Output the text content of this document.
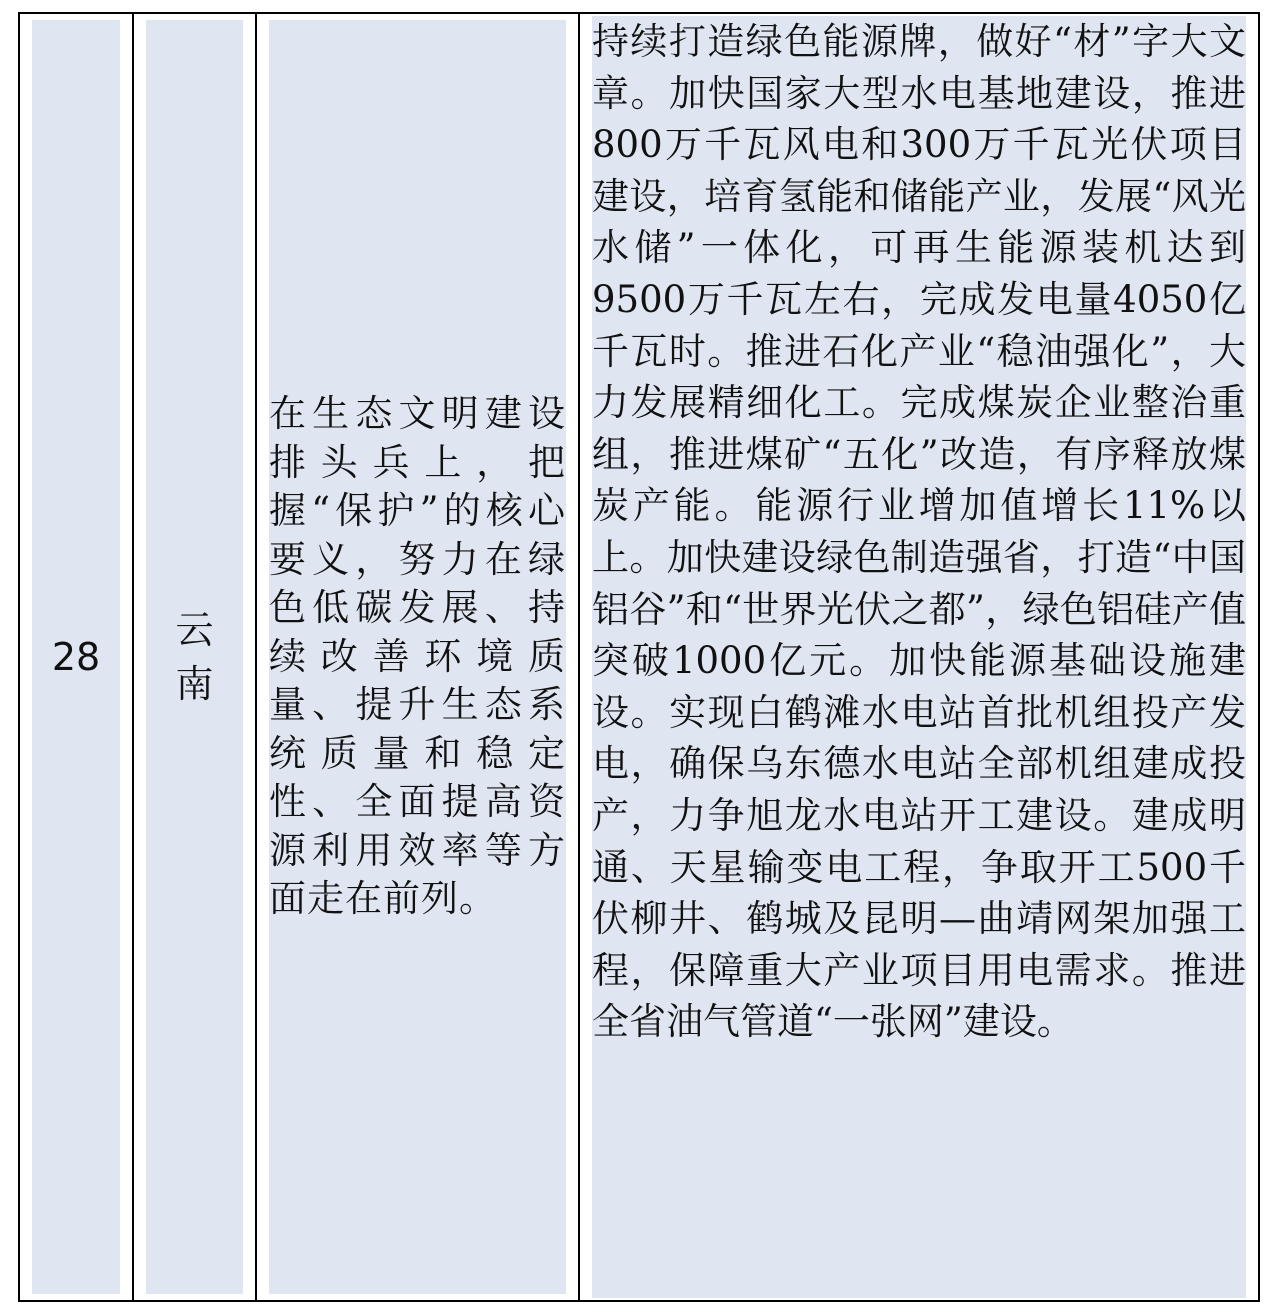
28
云南

在生态文明建设排头兵上，把握“保护”的核心要义，努力在绿色低碳发展、持续改善环境质量、提升生态系统质量和稳定性、全面提高资源利用效率等方面走在前列。

持续打造绿色能源牌，做好“材”字大文章。加快国家大型水电基地建设，推进800万千瓦风电和300万千瓦光伏项目建设，培育氢能和储能产业，发展“风光水储”一体化，可再生能源装机达到9500万千瓦左右，完成发电量4050亿千瓦时。推进石化产业“稳油强化”，大力发展精细化工。完成煤炭企业整治重组，推进煤矿“五化”改造，有序释放煤炭产能。能源行业增加值增长11%以上。加快建设绿色制造强省，打造“中国铝谷”和“世界光伏之都”，绿色铝硅产值突破1000亿元。加快能源基础设施建设。实现白鹤滩水电站首批机组投产发电，确保乌东德水电站全部机组建成投产，力争旭龙水电站开工建设。建成明通、天星输变电工程，争取开工500千伏柳井、鹤城及昆明—曲靖网架加强工程，保障重大产业项目用电需求。推进全省油气管道“一张网”建设。
